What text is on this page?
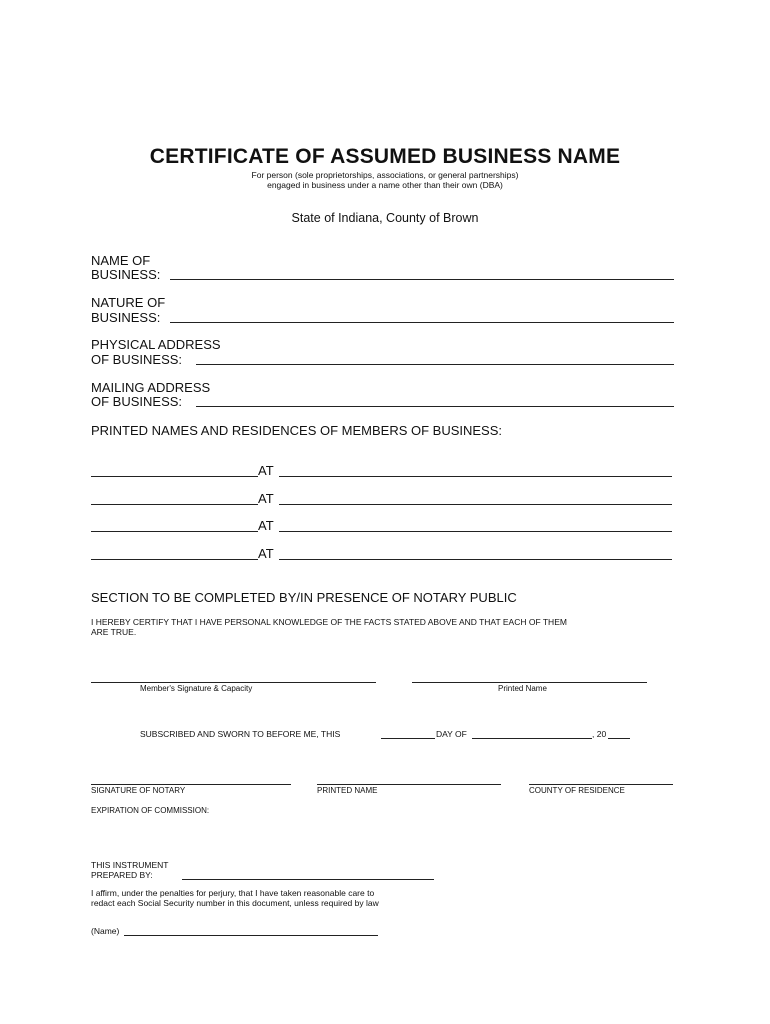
CERTIFICATE OF ASSUMED BUSINESS NAME
For person (sole proprietorships, associations, or general partnerships)
engaged in business under a name other than their own (DBA)
State of Indiana, County of Brown
NAME OF
BUSINESS:
NATURE OF
BUSINESS:
PHYSICAL ADDRESS
OF BUSINESS:
MAILING ADDRESS
OF BUSINESS:
PRINTED NAMES AND RESIDENCES OF MEMBERS OF BUSINESS:
AT
AT
AT
AT
SECTION TO BE COMPLETED BY/IN PRESENCE OF NOTARY PUBLIC
I HEREBY CERTIFY THAT I HAVE PERSONAL KNOWLEDGE OF THE FACTS STATED ABOVE AND THAT EACH OF THEM
ARE TRUE.
Member's Signature & Capacity	Printed Name
SUBSCRIBED AND SWORN TO BEFORE ME, THIS	DAY OF	, 20
SIGNATURE OF NOTARY	PRINTED NAME	COUNTY OF RESIDENCE
EXPIRATION OF COMMISSION:
THIS INSTRUMENT
PREPARED BY:
I affirm, under the penalties for perjury, that I have taken reasonable care to
redact each Social Security number in this document, unless required by law
(Name)
